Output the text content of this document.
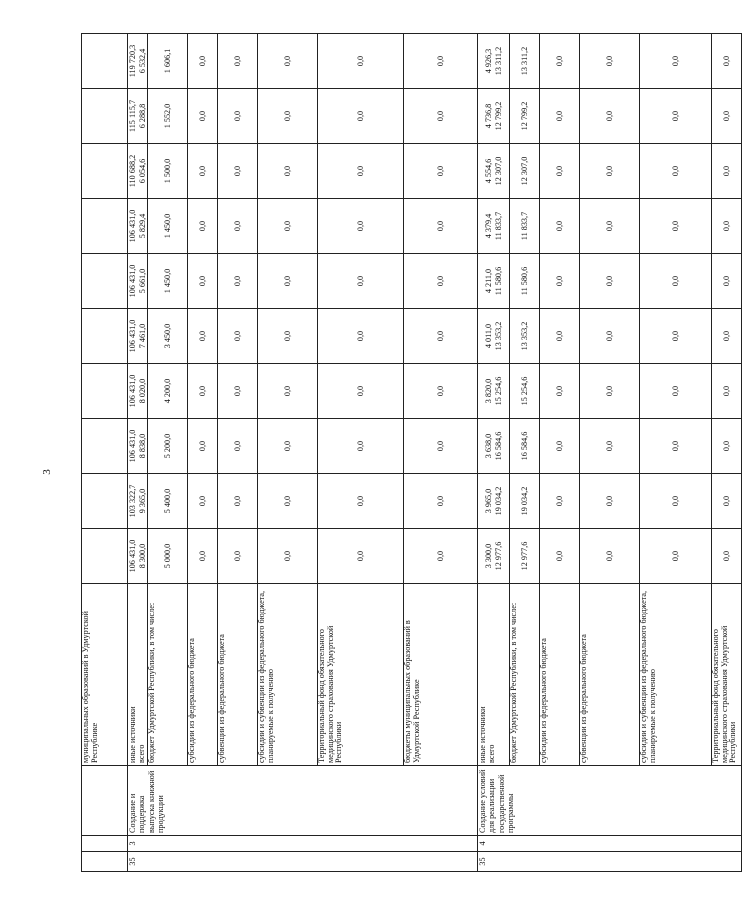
3
			муниципальных образований в Удмуртской Республике										
35	3	Создание и поддержка выпуска книжной продукции	иные источники всего	106 431,0 8 300,0	103 322,7 9 365,0	106 431,0 8 838,0	106 431,0 8 020,0	106 431,0 7 461,0	106 431,0 5 661,0	106 431,0 5 829,4	110 688,2 6 054,6	115 115,7 6 288,8	119 720,3 6 532,4

			бюджет Удмуртской Республики, в том числе:	5 000,0	5 400,0	5 200,0	4 200,0	3 450,0	1 450,0	1 450,0	1 500,0	1 552,0	1 606,1
			субсидии из федерального бюджета	0,0	0,0	0,0	0,0	0,0	0,0	0,0	0,0	0,0	0,0
			субвенции из федерального бюджета	0,0	0,0	0,0	0,0	0,0	0,0	0,0	0,0	0,0	0,0
			субсидии и субвенции из федерального бюджета, планируемые к получению	0,0	0,0	0,0	0,0	0,0	0,0	0,0	0,0	0,0	0,0
			Территориальный фонд обязательного медицинского страхования Удмуртской Республики	0,0	0,0	0,0	0,0	0,0	0,0	0,0	0,0	0,0	0,0
			бюджеты муниципальных образований в Удмуртской Республике	0,0	0,0	0,0	0,0	0,0	0,0	0,0	0,0	0,0	0,0
35	4	Создание условий для реализации государственной программы	иные источники всего	3 300,0 12 977,6	3 965,0 19 034,2	3 638,0 16 584,6	3 820,0 15 254,6	4 011,0 13 353,2	4 211,0 11 580,6	4 379,4 11 833,7	4 554,6 12 307,0	4 736,8 12 799,2	4 926,3 13 311,2

			бюджет Удмуртской Республики, в том числе:	12 977,6	19 034,2	16 584,6	15 254,6	13 353,2	11 580,6	11 833,7	12 307,0	12 799,2	13 311,2
			субсидии из федерального бюджета	0,0	0,0	0,0	0,0	0,0	0,0	0,0	0,0	0,0	0,0
			субвенции из федерального бюджета	0,0	0,0	0,0	0,0	0,0	0,0	0,0	0,0	0,0	0,0
			субсидии и субвенции из федерального бюджета, планируемые к получению	0,0	0,0	0,0	0,0	0,0	0,0	0,0	0,0	0,0	0,0
			Территориальный фонд обязательного медицинского страхования Удмуртской Республики	0,0	0,0	0,0	0,0	0,0	0,0	0,0	0,0	0,0	0,0
